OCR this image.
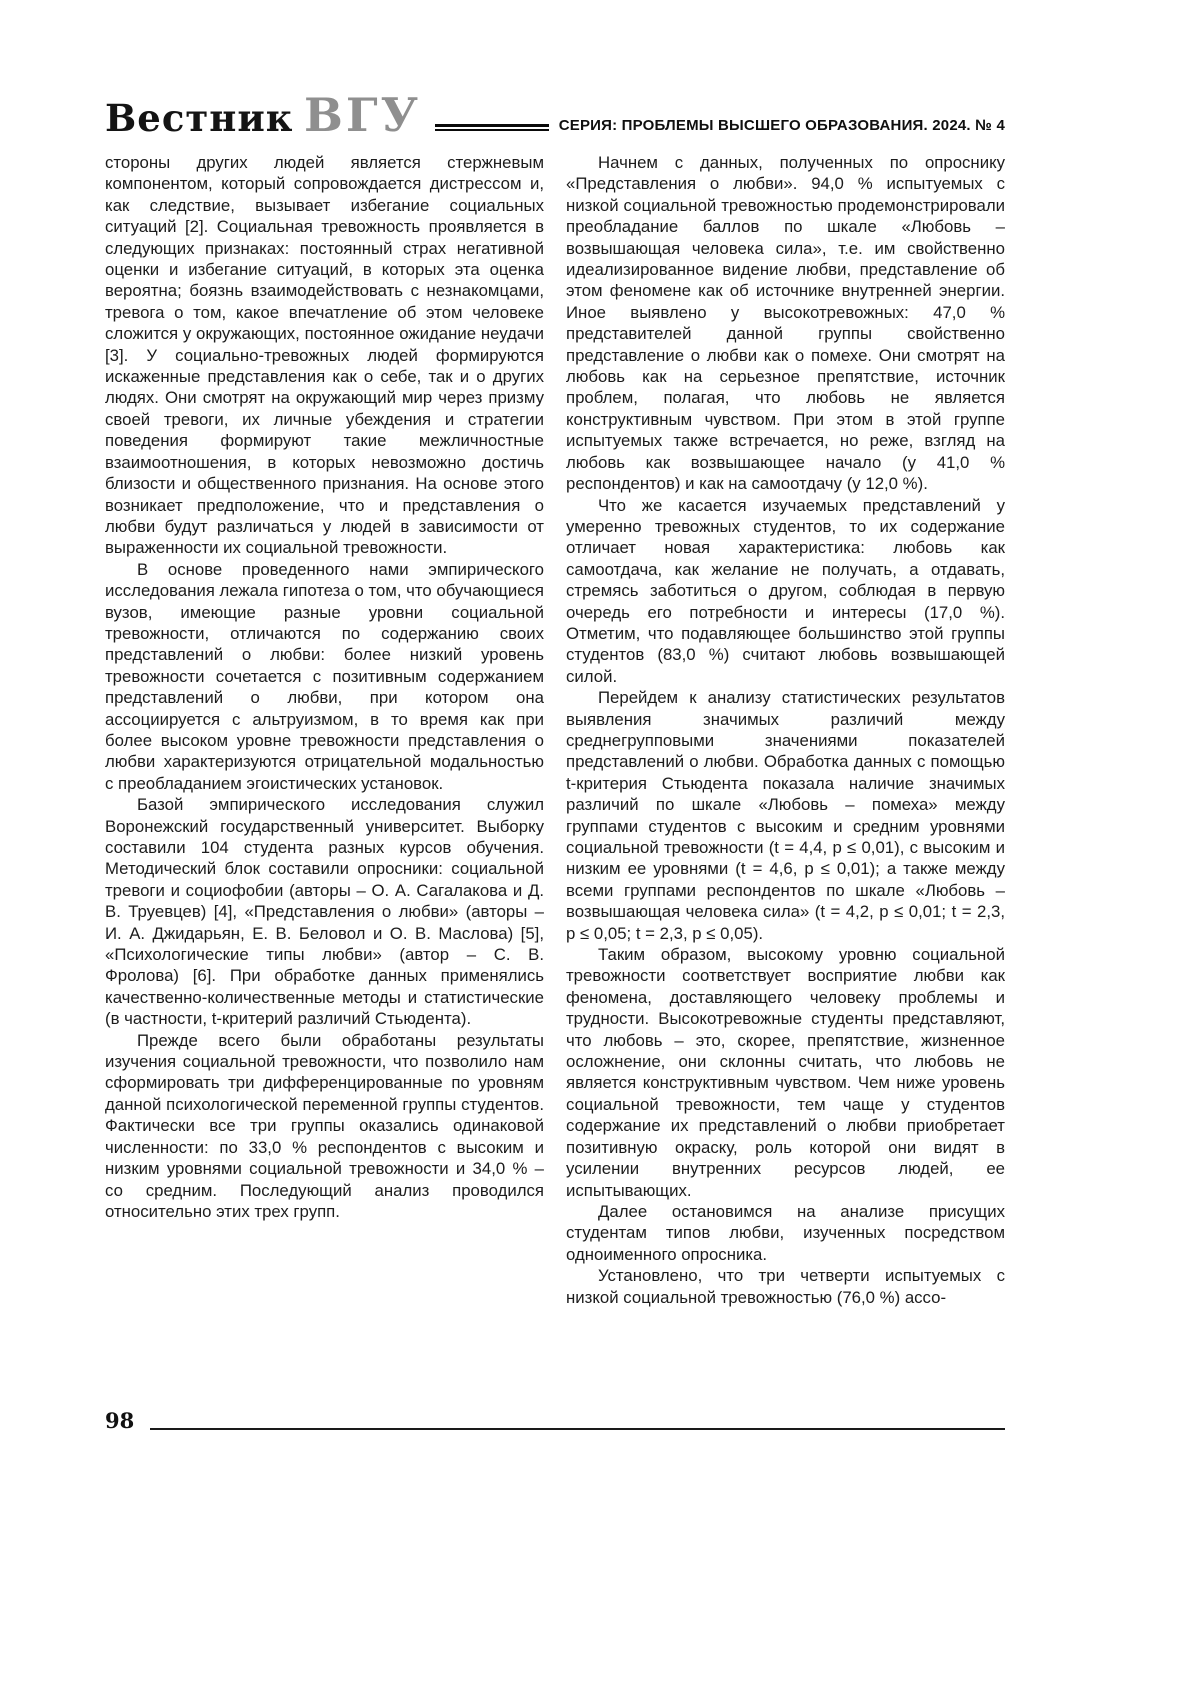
Вестник ВГУ	СЕРИЯ: ПРОБЛЕМЫ ВЫСШЕГО ОБРАЗОВАНИЯ. 2024. № 4

стороны других людей является стержневым компонентом, который сопровождается дистрессом и, как следствие, вызывает избегание социальных ситуаций [2]. Социальная тревожность проявляется в следующих признаках: постоянный страх негативной оценки и избегание ситуаций, в которых эта оценка вероятна; боязнь взаимодействовать с незнакомцами, тревога о том, какое впечатление об этом человеке сложится у окружающих, постоянное ожидание неудачи [3]. У социально-тревожных людей формируются искаженные представления как о себе, так и о других людях. Они смотрят на окружающий мир через призму своей тревоги, их личные убеждения и стратегии поведения формируют такие межличностные взаимоотношения, в которых невозможно достичь близости и общественного признания. На основе этого возникает предположение, что и представления о любви будут различаться у людей в зависимости от выраженности их социальной тревожности.

В основе проведенного нами эмпирического исследования лежала гипотеза о том, что обучающиеся вузов, имеющие разные уровни социальной тревожности, отличаются по содержанию своих представлений о любви: более низкий уровень тревожности сочетается с позитивным содержанием представлений о любви, при котором она ассоциируется с альтруизмом, в то время как при более высоком уровне тревожности представления о любви характеризуются отрицательной модальностью с преобладанием эгоистических установок.

Базой эмпирического исследования служил Воронежский государственный университет. Выборку составили 104 студента разных курсов обучения. Методический блок составили опросники: социальной тревоги и социофобии (авторы – О. А. Сагалакова и Д. В. Труевцев) [4], «Представления о любви» (авторы – И. А. Джидарьян, Е. В. Беловол и О. В. Маслова) [5], «Психологические типы любви» (автор – С. В. Фролова) [6]. При обработке данных применялись качественно-количественные методы и статистические (в частности, t-критерий различий Стьюдента).

Прежде всего были обработаны результаты изучения социальной тревожности, что позволило нам сформировать три дифференцированные по уровням данной психологической переменной группы студентов. Фактически все три группы оказались одинаковой численности: по 33,0 % респондентов с высоким и низким уровнями социальной тревожности и 34,0 % – со средним. Последующий анализ проводился относительно этих трех групп.

Начнем с данных, полученных по опроснику «Представления о любви». 94,0 % испытуемых с низкой социальной тревожностью продемонстрировали преобладание баллов по шкале «Любовь – возвышающая человека сила», т.е. им свойственно идеализированное видение любви, представление об этом феномене как об источнике внутренней энергии. Иное выявлено у высокотревожных: 47,0 % представителей данной группы свойственно представление о любви как о помехе. Они смотрят на любовь как на серьезное препятствие, источник проблем, полагая, что любовь не является конструктивным чувством. При этом в этой группе испытуемых также встречается, но реже, взгляд на любовь как возвышающее начало (у 41,0 % респондентов) и как на самоотдачу (у 12,0 %).

Что же касается изучаемых представлений у умеренно тревожных студентов, то их содержание отличает новая характеристика: любовь как самоотдача, как желание не получать, а отдавать, стремясь заботиться о другом, соблюдая в первую очередь его потребности и интересы (17,0 %). Отметим, что подавляющее большинство этой группы студентов (83,0 %) считают любовь возвышающей силой.

Перейдем к анализу статистических результатов выявления значимых различий между среднегрупповыми значениями показателей представлений о любви. Обработка данных с помощью t-критерия Стьюдента показала наличие значимых различий по шкале «Любовь – помеха» между группами студентов с высоким и средним уровнями социальной тревожности (t = 4,4, p ≤ 0,01), с высоким и низким ее уровнями (t = 4,6, p ≤ 0,01); а также между всеми группами респондентов по шкале «Любовь – возвышающая человека сила» (t = 4,2, p ≤ 0,01; t = 2,3, p ≤ 0,05; t = 2,3, p ≤ 0,05).

Таким образом, высокому уровню социальной тревожности соответствует восприятие любви как феномена, доставляющего человеку проблемы и трудности. Высокотревожные студенты представляют, что любовь – это, скорее, препятствие, жизненное осложнение, они склонны считать, что любовь не является конструктивным чувством. Чем ниже уровень социальной тревожности, тем чаще у студентов содержание их представлений о любви приобретает позитивную окраску, роль которой они видят в усилении внутренних ресурсов людей, ее испытывающих.

Далее остановимся на анализе присущих студентам типов любви, изученных посредством одноименного опросника.

Установлено, что три четверти испытуемых с низкой социальной тревожностью (76,0 %) ассо-

98
